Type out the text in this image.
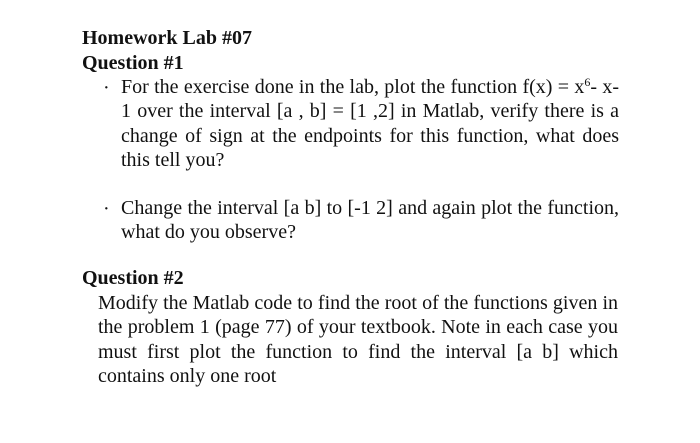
Homework Lab #07
Question #1
· For the exercise done in the lab, plot the function $f(x) = x^6-$ x-1 over the interval [a , b] = [1 ,2] in Matlab, verify there is a change of sign at the endpoints for this function, what does this tell you?
· Change the interval [a b] to [-1 2] and again plot the function, what do you observe?
Question #2
Modify the Matlab code to find the root of the functions given in the problem 1 (page 77) of your textbook. Note in each case you must first plot the function to find the interval [a b] which contains only one root
